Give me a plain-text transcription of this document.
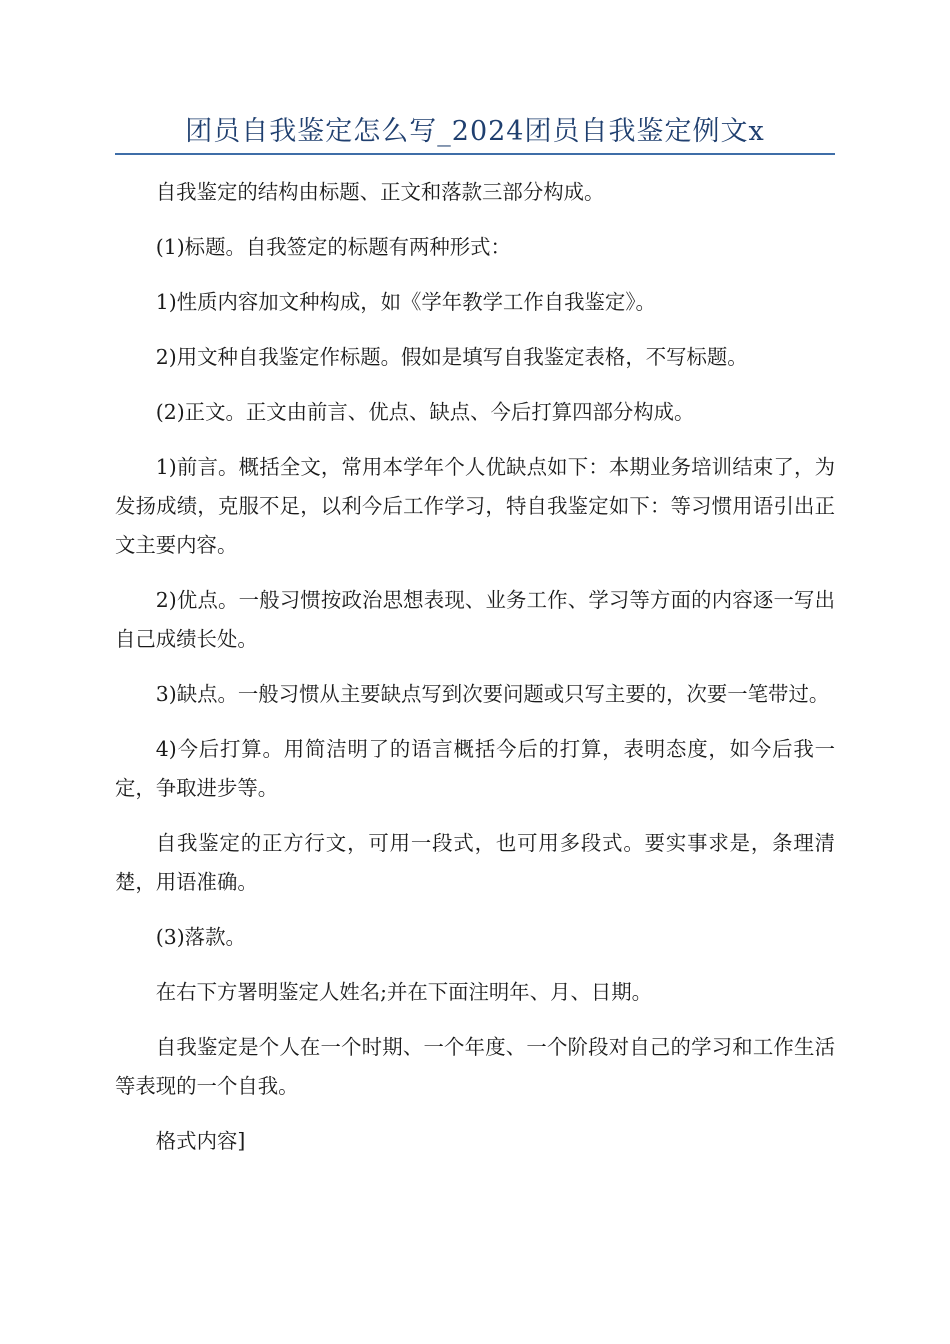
团员自我鉴定怎么写_2024团员自我鉴定例文x

自我鉴定的结构由标题、正文和落款三部分构成。

(1)标题。自我签定的标题有两种形式：

1)性质内容加文种构成，如《学年教学工作自我鉴定》。

2)用文种自我鉴定作标题。假如是填写自我鉴定表格，不写标题。

(2)正文。正文由前言、优点、缺点、今后打算四部分构成。

1)前言。概括全文，常用本学年个人优缺点如下：本期业务培训结束了，为发扬成绩，克服不足，以利今后工作学习，特自我鉴定如下：等习惯用语引出正文主要内容。

2)优点。一般习惯按政治思想表现、业务工作、学习等方面的内容逐一写出自己成绩长处。

3)缺点。一般习惯从主要缺点写到次要问题或只写主要的，次要一笔带过。

4)今后打算。用简洁明了的语言概括今后的打算，表明态度，如今后我一定，争取进步等。

自我鉴定的正方行文，可用一段式，也可用多段式。要实事求是，条理清楚，用语准确。

(3)落款。

在右下方署明鉴定人姓名;并在下面注明年、月、日期。

自我鉴定是个人在一个时期、一个年度、一个阶段对自己的学习和工作生活等表现的一个自我。

格式内容]
